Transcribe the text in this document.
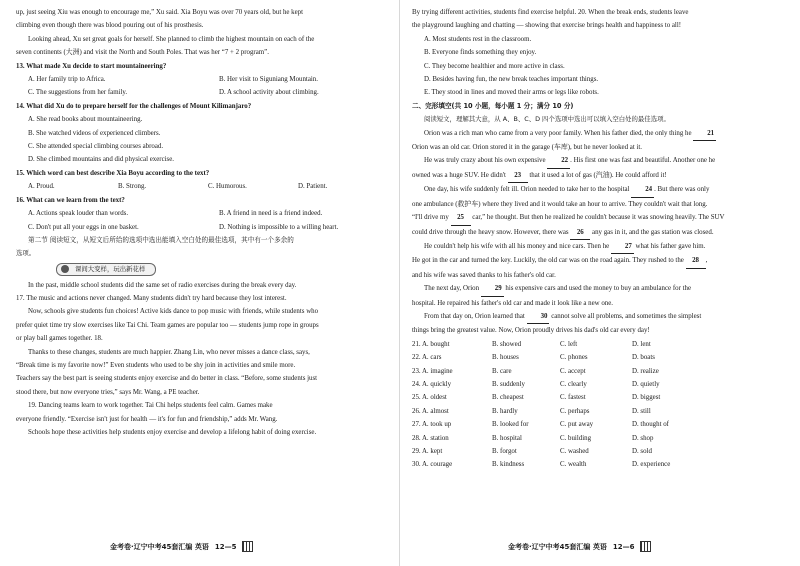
up, just seeing Xiu was enough to encourage me,” Xu said. Xia Boyu was over 70 years old, but he kept

climbing even though there was blood pouring out of his prosthesis.

Looking ahead, Xu set great goals for herself. She planned to climb the highest mountain on each of the

seven continents (大洲) and visit the North and South Poles. That was her “7 + 2 program”.

13. What made Xu decide to start mountaineering?

A. Her family trip to Africa.	B. Her visit to Siguniang Mountain.
C. The suggestions from her family.	D. A school activity about climbing.

14. What did Xu do to prepare herself for the challenges of Mount Kilimanjaro?

A. She read books about mountaineering.

B. She watched videos of experienced climbers.

C. She attended special climbing courses abroad.

D. She climbed mountains and did physical exercise.

15. Which word can best describe Xia Boyu according to the text?

A. Proud.	B. Strong.	C. Humorous.	D. Patient.

16. What can we learn from the text?

A. Actions speak louder than words.	B. A friend in need is a friend indeed.
C. Don't put all your eggs in one basket.	D. Nothing is impossible to a willing heart.

第二节 阅读短文，从短文后所给的选项中选出能填入空白处的最佳选项，其中有一个多余的

选项。

课间大变样，玩出新花样

In the past, middle school students did the same set of radio exercises during the break every day.

17. The music and actions never changed. Many students didn't try hard because they lost interest.

Now, schools give students fun choices! Active kids dance to pop music with friends, while students who

prefer quiet time try slow exercises like Tai Chi. Team games are popular too — students jump rope in groups

or play ball games together. 18.

Thanks to these changes, students are much happier. Zhang Lin, who never misses a dance class, says,

“Break time is my favorite now!” Even students who used to be shy join in activities and smile more.

Teachers say the best part is seeing students enjoy exercise and do better in class. “Before, some students just

stood there, but now everyone tries,” says Mr. Wang, a PE teacher.

19. Dancing teams learn to work together. Tai Chi helps students feel calm. Games make

everyone friendly. “Exercise isn't just for health — it's for fun and friendship,” adds Mr. Wang.

Schools hope these activities help students enjoy exercise and develop a lifelong habit of doing exercise.

金考卷·辽宁中考45套汇编 英语 12—5

By trying different activities, students find exercise helpful. 20. When the break ends, students leave

the playground laughing and chatting — showing that exercise brings health and happiness to all!

A. Most students rest in the classroom.

B. Everyone finds something they enjoy.

C. They become healthier and more active in class.

D. Besides having fun, the new break teaches important things.

E. They stood in lines and moved their arms or legs like robots.

二、完形填空(共 10 小题，每小题 1 分；满分 10 分)

阅读短文，理解其大意，从 A、B、C、D 四个选项中选出可以填入空白处的最佳选项。

Orion was a rich man who came from a very poor family. When his father died, the only thing he 21

Orion was an old car. Orion stored it in the garage (车库), but he never looked at it.

He was truly crazy about his own expensive 22 . His first one was fast and beautiful. Another one he

owned was a huge SUV. He didn't 23 that it used a lot of gas (汽油). He could afford it!

One day, his wife suddenly felt ill. Orion needed to take her to the hospital 24 . But there was only

one ambulance (救护车) where they lived and it would take an hour to arrive. They couldn't wait that long.

“I'll drive my 25 car,” he thought. But then he realized he couldn't because it was snowing heavily. The SUV

could drive through the heavy snow. However, there was 26 any gas in it, and the gas station was closed.

He couldn't help his wife with all his money and nice cars. Then he 27 what his father gave him.

He got in the car and turned the key. Luckily, the old car was on the road again. They rushed to the 28 ,

and his wife was saved thanks to his father's old car.

The next day, Orion 29 his expensive cars and used the money to buy an ambulance for the

hospital. He repaired his father's old car and made it look like a new one.

From that day on, Orion learned that 30 cannot solve all problems, and sometimes the simplest

things bring the greatest value. Now, Orion proudly drives his dad's old car every day!

21. A. bought	B. showed	C. left	D. lent
22. A. cars	B. houses	C. phones	D. boats
23. A. imagine	B. care	C. accept	D. realize
24. A. quickly	B. suddenly	C. clearly	D. quietly
25. A. oldest	B. cheapest	C. fastest	D. biggest
26. A. almost	B. hardly	C. perhaps	D. still
27. A. took up	B. looked for	C. put away	D. thought of
28. A. station	B. hospital	C. building	D. shop
29. A. kept	B. forgot	C. washed	D. sold
30. A. courage	B. kindness	C. wealth	D. experience
金考卷·辽宁中考45套汇编 英语 12—6
